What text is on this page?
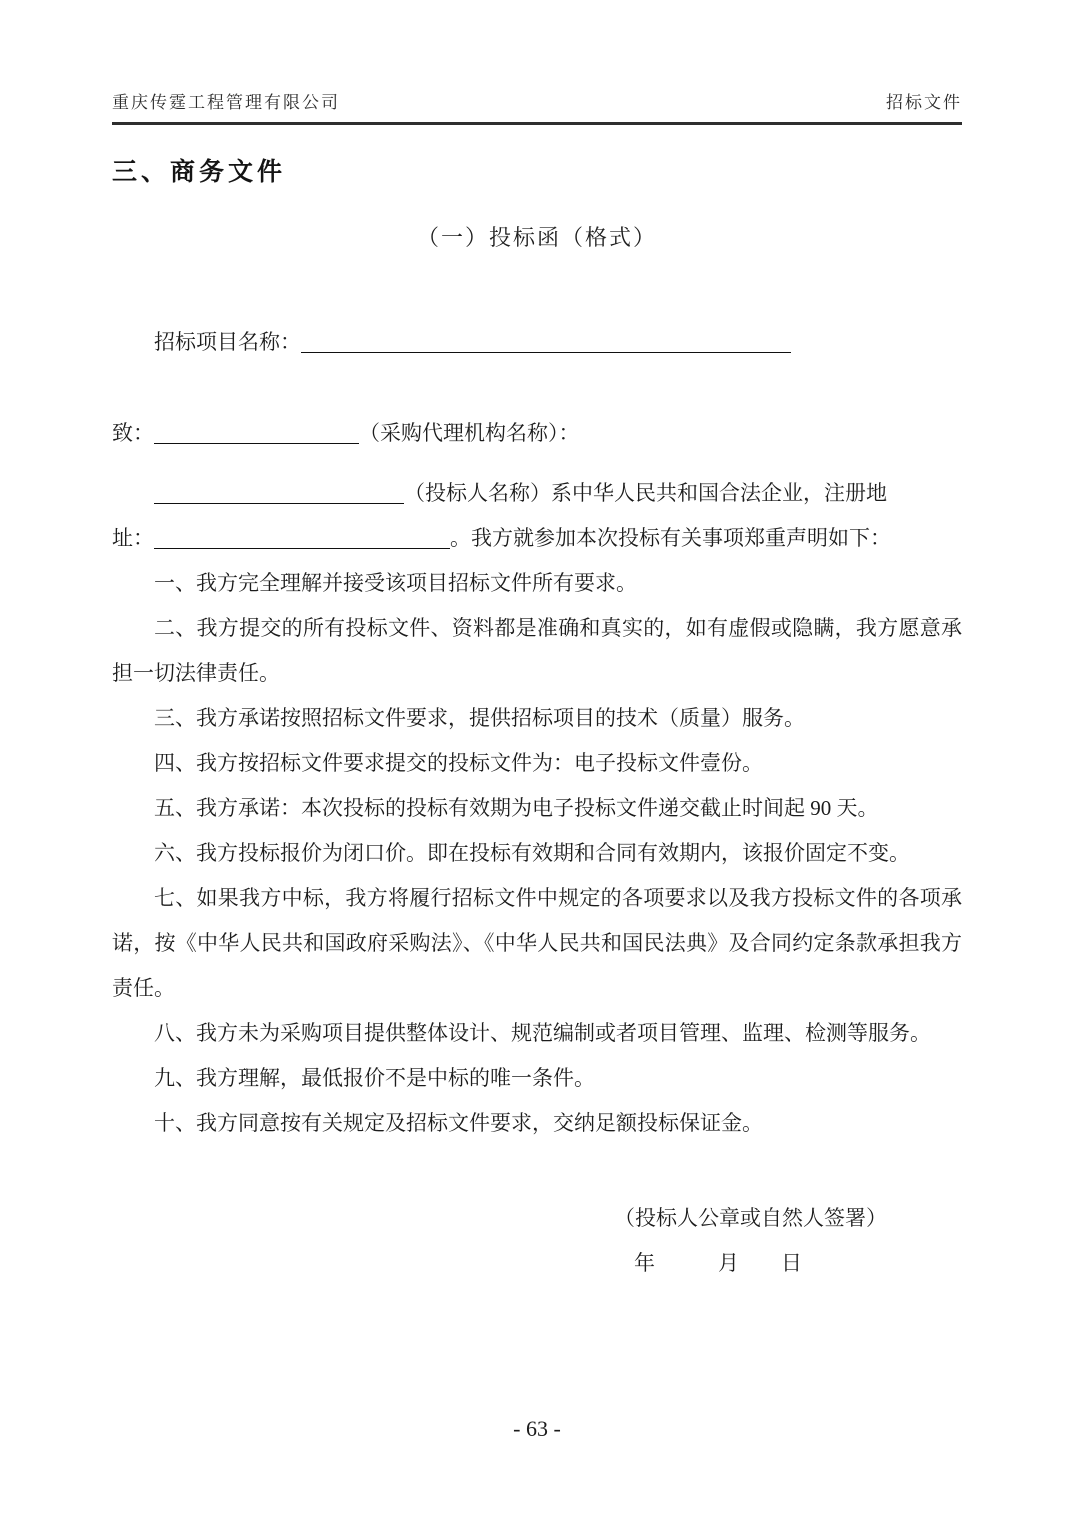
重庆传霆工程管理有限公司	招标文件
三、商务文件
（一）投标函（格式）

招标项目名称：

致：	（采购代理机构名称）：

（投标人名称）系中华人民共和国合法企业，注册地

址：	。我方就参加本次投标有关事项郑重声明如下：

一、我方完全理解并接受该项目招标文件所有要求。

二、我方提交的所有投标文件、资料都是准确和真实的，如有虚假或隐瞒，我方愿意承担一切法律责任。

三、我方承诺按照招标文件要求，提供招标项目的技术（质量）服务。

四、我方按招标文件要求提交的投标文件为：电子投标文件壹份。

五、我方承诺：本次投标的投标有效期为电子投标文件递交截止时间起 90 天。

六、我方投标报价为闭口价。即在投标有效期和合同有效期内，该报价固定不变。

七、如果我方中标，我方将履行招标文件中规定的各项要求以及我方投标文件的各项承诺，按《中华人民共和国政府采购法》、《中华人民共和国民法典》及合同约定条款承担我方责任。

八、我方未为采购项目提供整体设计、规范编制或者项目管理、监理、检测等服务。

九、我方理解，最低报价不是中标的唯一条件。

十、我方同意按有关规定及招标文件要求，交纳足额投标保证金。

（投标人公章或自然人签署）

年　　　月　　日

- 63 -
